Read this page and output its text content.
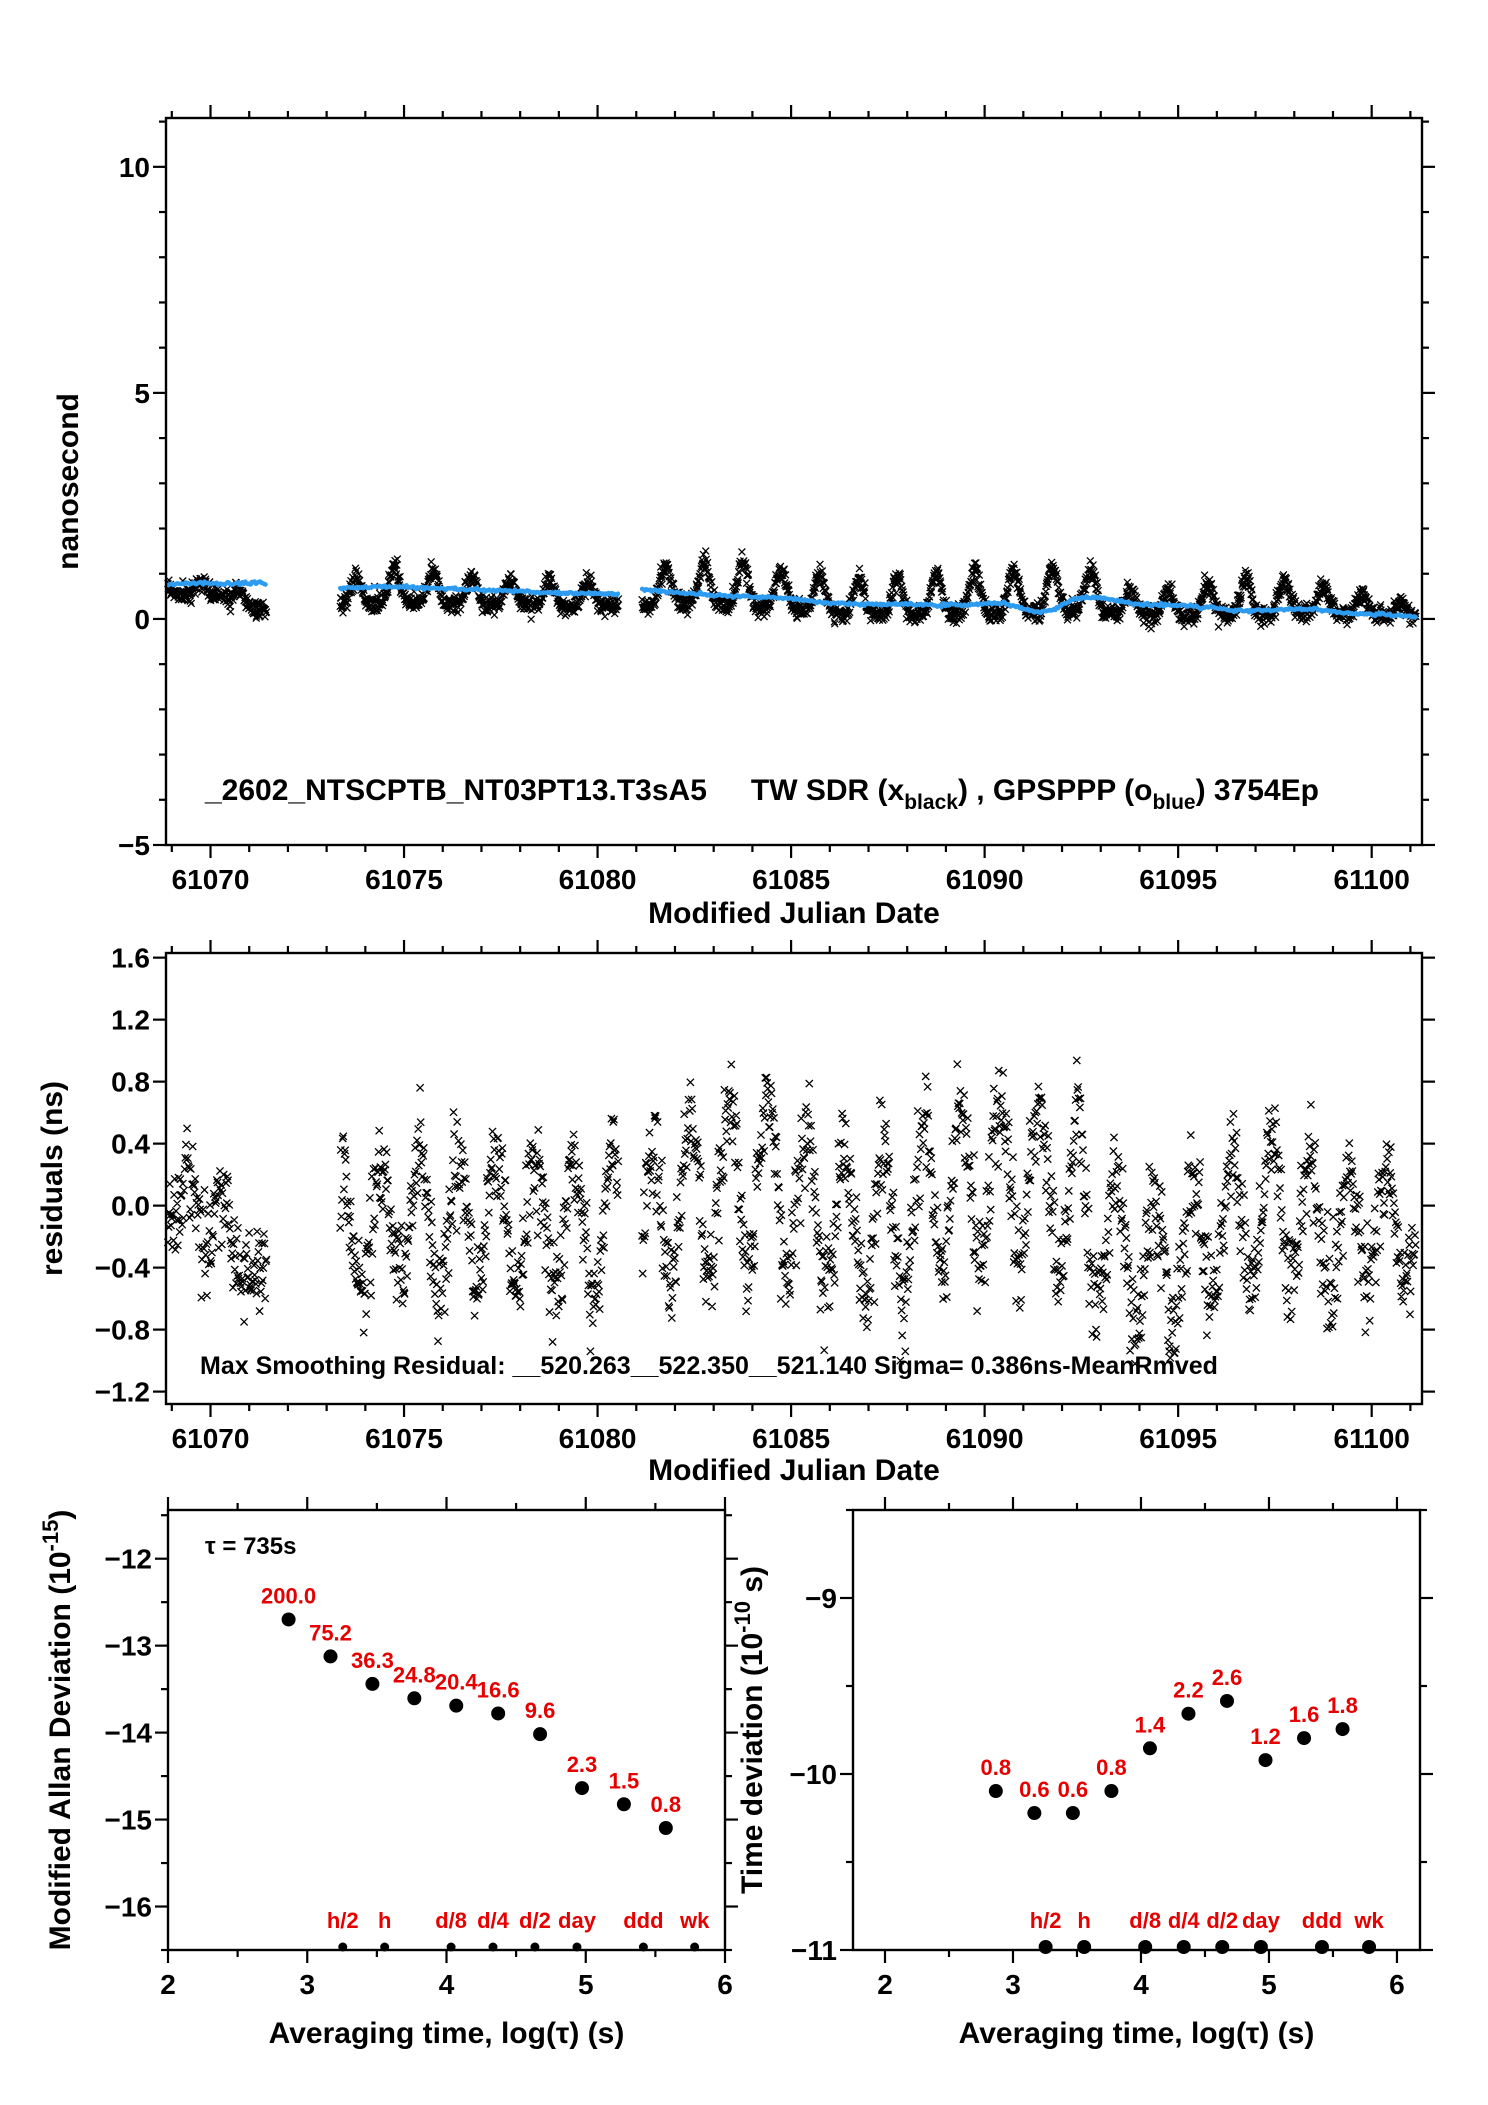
61070	61075	61080	61085	61090	61095	61100
10
5
0
−5
Modified Julian Date
nanosecond
_2602_NTSCPTB_NT03PT13.T3sA5 TW SDR $(x_{black})$ , GPSPPP $(o_{blue})$ 3754Ep
61070	61075	61080	61085	61090	61095	61100
1.6
1.2
0.8
0.4
0.0
−0.4
−0.8
−1.2
Modified Julian Date
residuals (ns)
Max Smoothing Residual: __520.263__522.350__521.140 Sigma= 0.386ns-MeanRmved
2	3	4	5	6
−12
−13
−14
−15
−16	h/2 h d/8 d/4 d/2 day ddd wk
200.0
75.2
36.3
24.8 20.4 16.6
9.6
2.3
1.5
0.8
Averaging time, log(τ) (s)
τ = 735s
Modified Allan Deviation $(10^{-15})$
2	3	4	5	6
−9
−10
−11
h/2 h d/8 d/4 d/2 day ddd wk
0.8
0.6 0.6
0.8
1.4
2.2
2.6
1.2
1.6 1.8
Averaging time, log(τ) (s)
Time deviation ($10^{-10}$ s)
